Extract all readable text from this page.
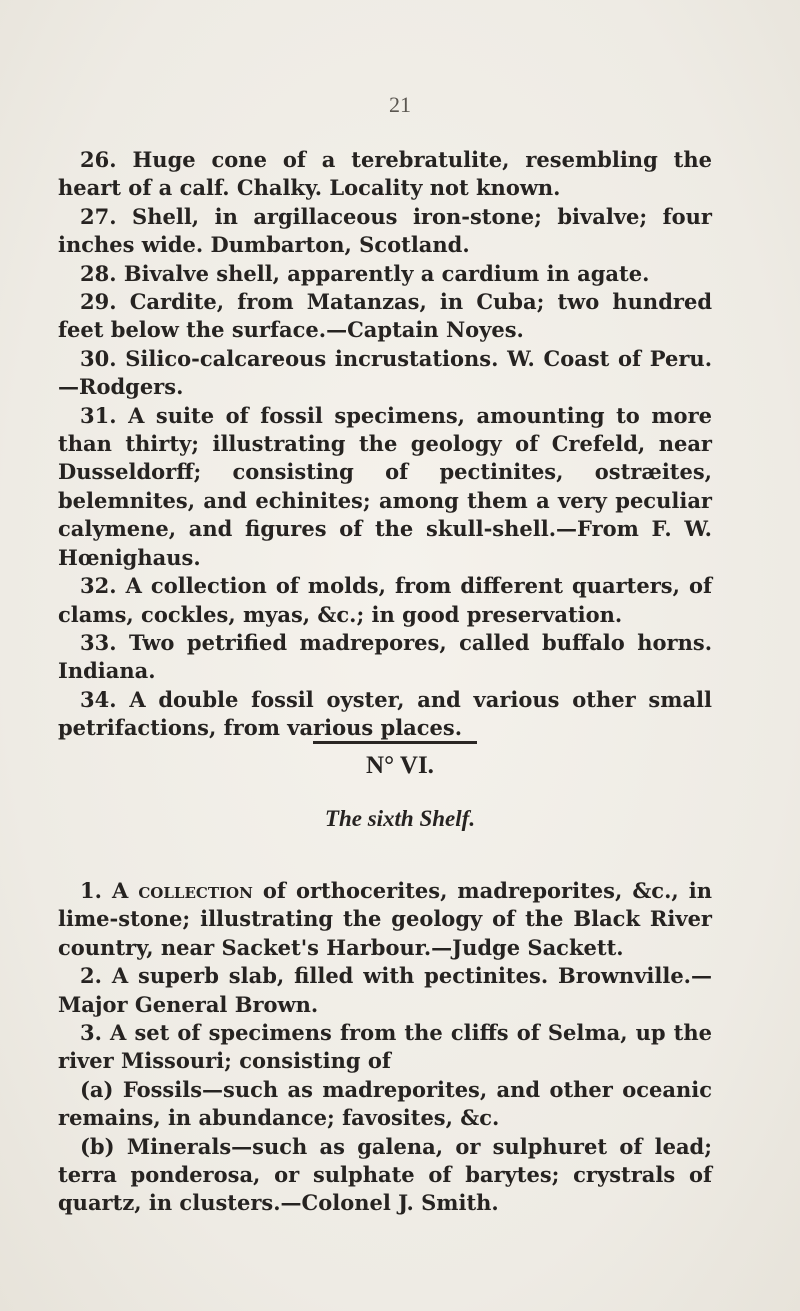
21

26. Huge cone of a terebratulite, resembling the heart of a calf. Chalky. Locality not known.

27. Shell, in argillaceous iron-stone; bivalve; four inches wide. Dumbarton, Scotland.

28. Bivalve shell, apparently a cardium in agate.

29. Cardite, from Matanzas, in Cuba; two hundred feet below the surface.—Captain Noyes.

30. Silico-calcareous incrustations. W. Coast of Peru. —Rodgers.

31. A suite of fossil specimens, amounting to more than thirty; illustrating the geology of Crefeld, near Dusseldorff; consisting of pectinites, ostræites, belemnites, and echinites; among them a very peculiar calymene, and figures of the skull-shell.—From F. W. Hœnighaus.

32. A collection of molds, from different quarters, of clams, cockles, myas, &c.; in good preservation.

33. Two petrified madrepores, called buffalo horns. Indiana.

34. A double fossil oyster, and various other small petrifactions, from various places.

N° VI.
The sixth Shelf.

1. A collection of orthocerites, madreporites, &c., in lime-stone; illustrating the geology of the Black River country, near Sacket's Harbour.—Judge Sackett.

2. A superb slab, filled with pectinites. Brownville.— Major General Brown.

3. A set of specimens from the cliffs of Selma, up the river Missouri; consisting of

(a) Fossils—such as madreporites, and other oceanic remains, in abundance; favosites, &c.

(b) Minerals—such as galena, or sulphuret of lead; terra ponderosa, or sulphate of barytes; crystrals of quartz, in clusters.—Colonel J. Smith.
